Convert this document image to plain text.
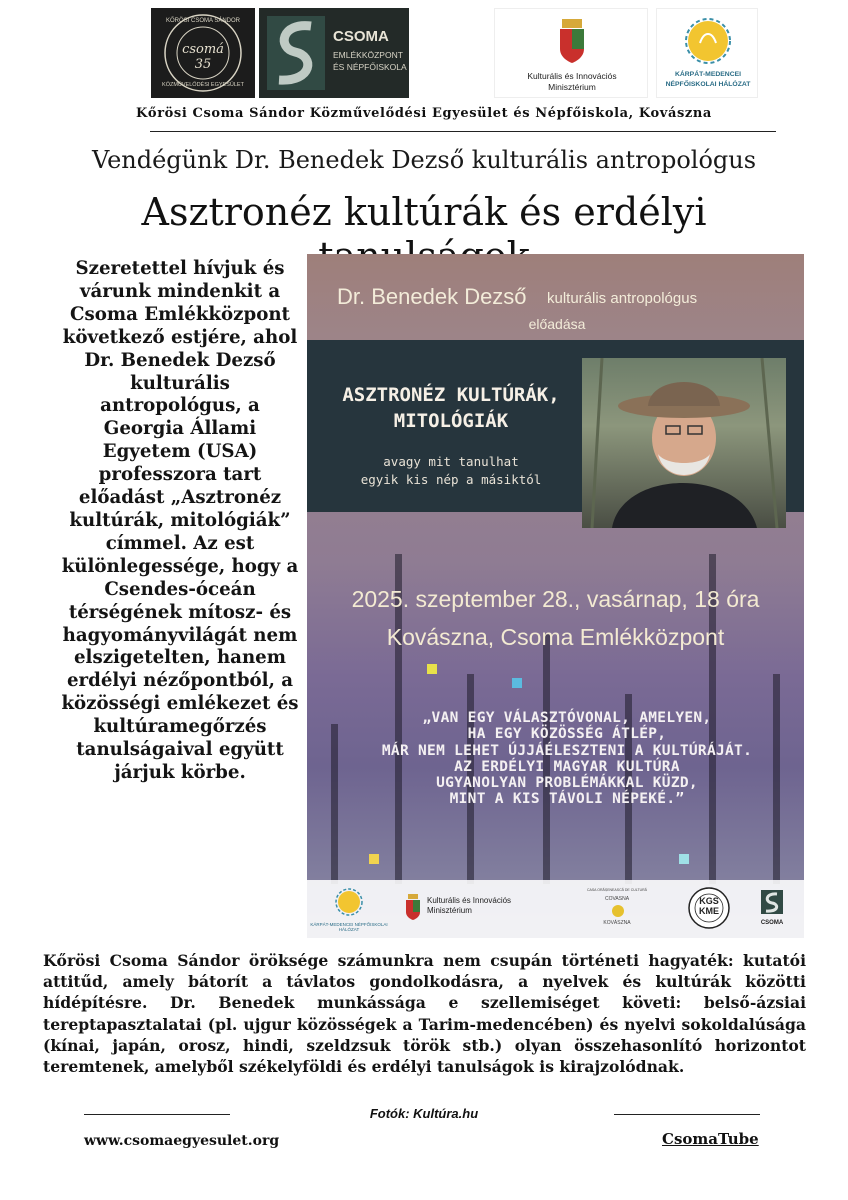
KŐRÖSI CSOMA SÁNDOR
csomá 35
KÖZMŰVELŐDÉSI EGYESÜLET
CSOMA
EMLÉKKÖZPONT
ÉS NÉPFŐISKOLA
Kulturális és Innovációs
Minisztérium
KÁRPÁT-MEDENCEI
NÉPFŐISKOLAI HÁLÓZAT
Kőrösi Csoma Sándor Közművelődési Egyesület és Népfőiskola, Kovászna
Vendégünk Dr. Benedek Dezső kulturális antropológus
Asztronéz kultúrák és erdélyi
Szeretettel hívjuk és várunk mindenkit a Csoma Emlékközpont következő estjére, ahol Dr. Benedek Dezső kulturális antropológus, a Georgia Állami Egyetem (USA) professzora tart előadást „Asztronéz kultúrák, mitológiák” címmel. Az est különlegessége, hogy a Csendes-óceán térségének mítosz- és hagyományvilágát nem elszigetelten, hanem erdélyi nézőpontból, a közösségi emlékezet és kultúramegőrzés tanulságaival együtt járjuk körbe.
Dr. Benedek Dezső kulturális antropológus
előadása
ASZTRONÉZ KULTÚRÁK,
MITOLÓGIÁK
avagy mit tanulhat
egyik kis nép a másiktól
2025. szeptember 28., vasárnap, 18 óra
Kovászna, Csoma Emlékközpont
„VAN EGY VÁLASZTÓVONAL, AMELYEN,
HA EGY KÖZÖSSÉG ÁTLÉP,
MÁR NEM LEHET ÚJJÁÉLESZTENI A KULTÚRÁJÁT.
AZ ERDÉLYI MAGYAR KULTÚRA
UGYANOLYAN PROBLÉMÁKKAL KÜZD,
MINT A KIS TÁVOLI NÉPEKÉ.”
KÁRPÁT-MEDENCEI NÉPFŐISKOLAI HÁLÓZAT
Kulturális és Innovációs
Minisztérium
CASA ORĂȘENEASCĂ DE CULTURĂ
COVASNA
KOVÁSZNA
KGS
KME
CSOMA
Kőrösi Csoma Sándor öröksége számunkra nem csupán történeti hagyaték: kutatói attitűd, amely bátorít a távlatos gondolkodásra, a nyelvek és kultúrák közötti hídépítésre. Dr. Benedek munkássága e szellemiséget követi: belső-ázsiai tereptapasztalatai (pl. ujgur közösségek a Tarim-medencében) és nyelvi sokoldalúsága (kínai, japán, orosz, hindi, szeldzsuk török stb.) olyan összehasonlító horizontot teremtenek, amelyből székelyföldi és erdélyi tanulságok is kirajzolódnak.
Fotók: Kultúra.hu
www.csomaegyesulet.org	CsomaTube
